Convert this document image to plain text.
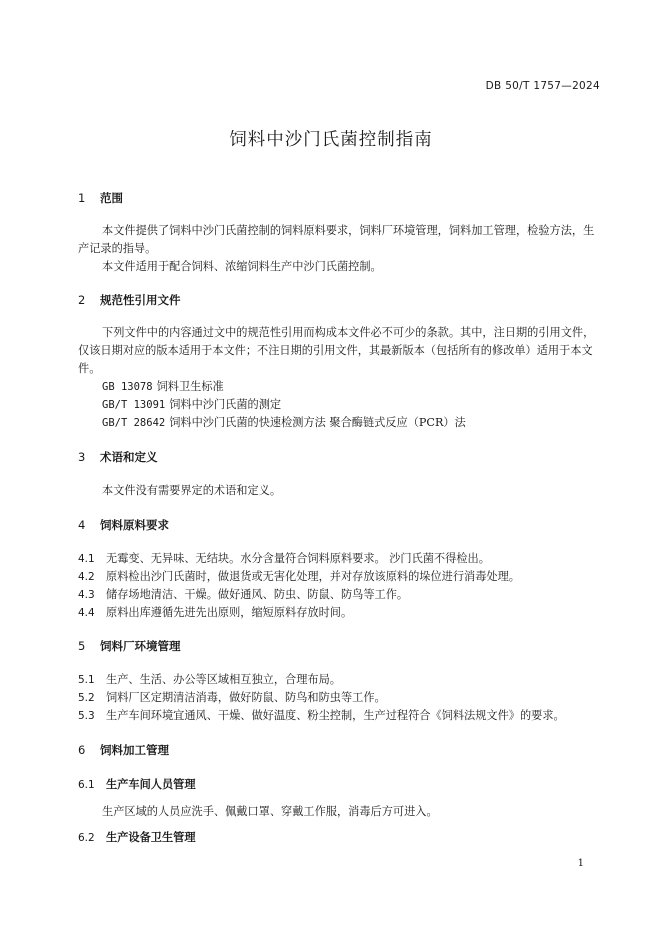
DB 50/T 1757—2024
饲料中沙门氏菌控制指南
1 范围
本文件提供了饲料中沙门氏菌控制的饲料原料要求，饲料厂环境管理，饲料加工管理，检验方法，生产记录的指导。
本文件适用于配合饲料、浓缩饲料生产中沙门氏菌控制。
2 规范性引用文件
下列文件中的内容通过文中的规范性引用而构成本文件必不可少的条款。其中，注日期的引用文件，仅该日期对应的版本适用于本文件；不注日期的引用文件，其最新版本（包括所有的修改单）适用于本文件。
GB 13078 饲料卫生标准
GB/T 13091 饲料中沙门氏菌的测定
GB/T 28642 饲料中沙门氏菌的快速检测方法 聚合酶链式反应（PCR）法
3 术语和定义
本文件没有需要界定的术语和定义。
4 饲料原料要求
4.1 无霉变、无异味、无结块。水分含量符合饲料原料要求。 沙门氏菌不得检出。
4.2 原料检出沙门氏菌时，做退货或无害化处理，并对存放该原料的垛位进行消毒处理。
4.3 储存场地清洁、干燥。做好通风、防虫、防鼠、防鸟等工作。
4.4 原料出库遵循先进先出原则，缩短原料存放时间。
5 饲料厂环境管理
5.1 生产、生活、办公等区域相互独立，合理布局。
5.2 饲料厂区定期清洁消毒，做好防鼠、防鸟和防虫等工作。
5.3 生产车间环境宜通风、干燥、做好温度、粉尘控制，生产过程符合《饲料法规文件》的要求。
6 饲料加工管理
6.1 生产车间人员管理
生产区域的人员应洗手、佩戴口罩、穿戴工作服，消毒后方可进入。
6.2 生产设备卫生管理
1
